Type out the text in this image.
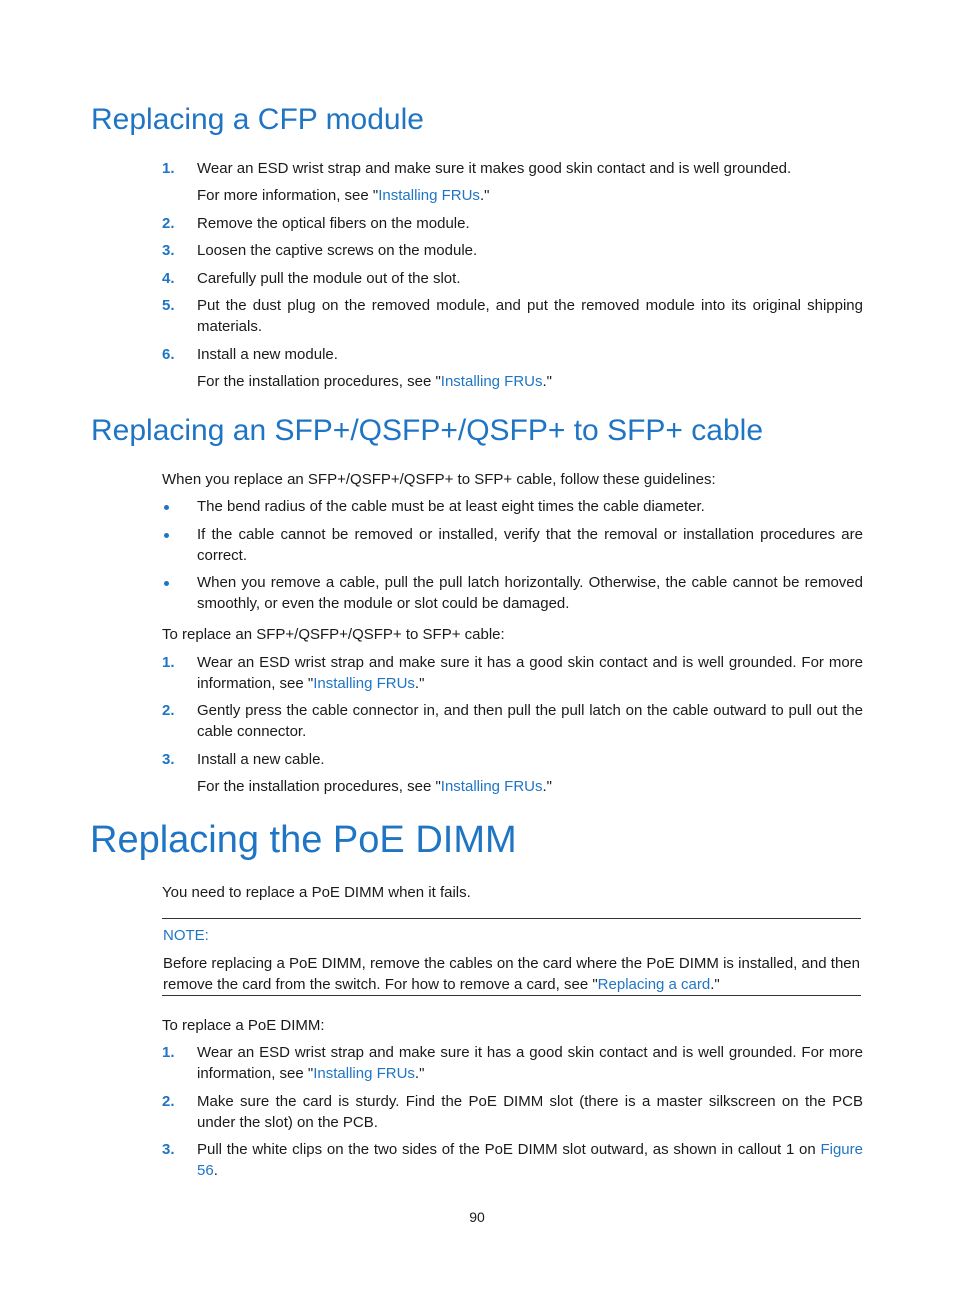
Replacing a CFP module
1. Wear an ESD wrist strap and make sure it makes good skin contact and is well grounded.
For more information, see "Installing FRUs."
2. Remove the optical fibers on the module.
3. Loosen the captive screws on the module.
4. Carefully pull the module out of the slot.
5. Put the dust plug on the removed module, and put the removed module into its original shipping materials.
6. Install a new module.
For the installation procedures, see "Installing FRUs."
Replacing an SFP+/QSFP+/QSFP+ to SFP+ cable
When you replace an SFP+/QSFP+/QSFP+ to SFP+ cable, follow these guidelines:
The bend radius of the cable must be at least eight times the cable diameter.
If the cable cannot be removed or installed, verify that the removal or installation procedures are correct.
When you remove a cable, pull the pull latch horizontally. Otherwise, the cable cannot be removed smoothly, or even the module or slot could be damaged.
To replace an SFP+/QSFP+/QSFP+ to SFP+ cable:
1. Wear an ESD wrist strap and make sure it has a good skin contact and is well grounded. For more information, see "Installing FRUs."
2. Gently press the cable connector in, and then pull the pull latch on the cable outward to pull out the cable connector.
3. Install a new cable.
For the installation procedures, see "Installing FRUs."
Replacing the PoE DIMM
You need to replace a PoE DIMM when it fails.
NOTE:
Before replacing a PoE DIMM, remove the cables on the card where the PoE DIMM is installed, and then remove the card from the switch. For how to remove a card, see "Replacing a card."
To replace a PoE DIMM:
1. Wear an ESD wrist strap and make sure it has a good skin contact and is well grounded. For more information, see "Installing FRUs."
2. Make sure the card is sturdy. Find the PoE DIMM slot (there is a master silkscreen on the PCB under the slot) on the PCB.
3. Pull the white clips on the two sides of the PoE DIMM slot outward, as shown in callout 1 on Figure 56.
90
